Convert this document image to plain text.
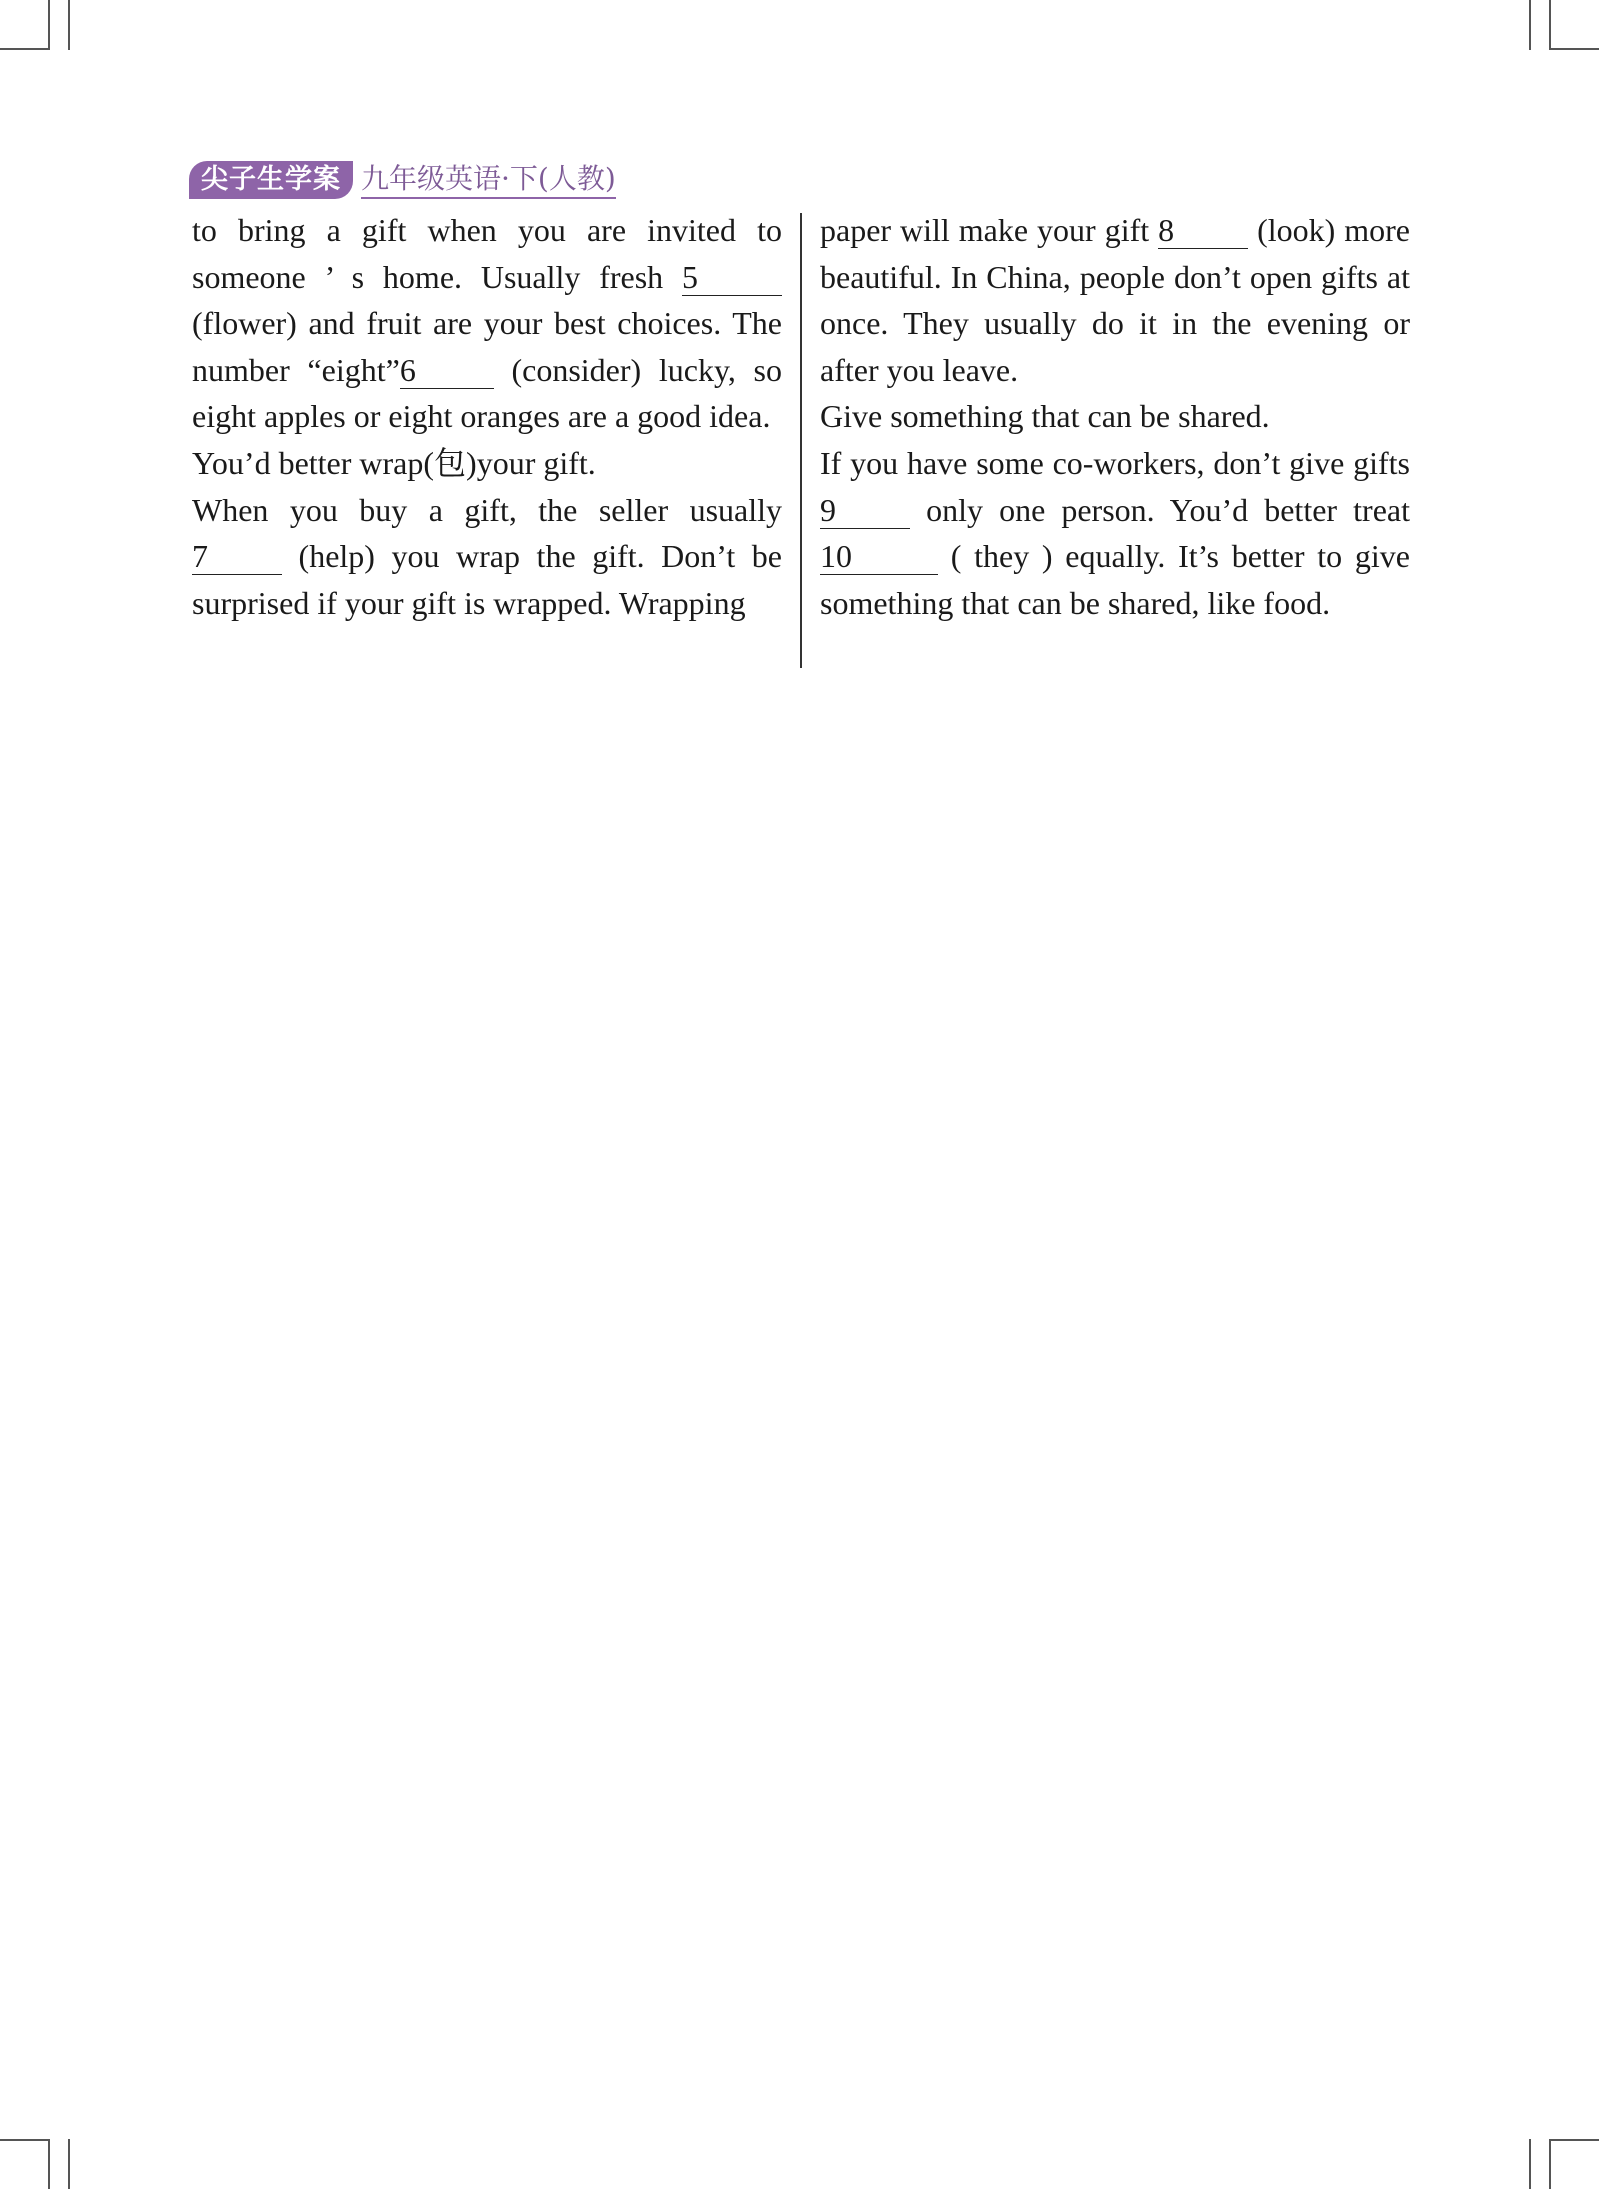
尖子生学案 九年级英语·下(人教)

to bring a gift when you are invited to someone ’ s home. Usually fresh 5 (flower) and fruit are your best choices. The number “eight”6 (consider) lucky, so eight apples or eight oranges are a good idea.

You’d better wrap(包)your gift.

When you buy a gift, the seller usually 7 (help) you wrap the gift. Don’t be surprised if your gift is wrapped. Wrapping

paper will make your gift 8 (look) more beautiful. In China, people don’t open gifts at once. They usually do it in the evening or after you leave.

Give something that can be shared.

If you have some co-workers, don’t give gifts 9 only one person. You’d better treat 10	( they ) equally. It’s better to give something that can be shared, like food.
